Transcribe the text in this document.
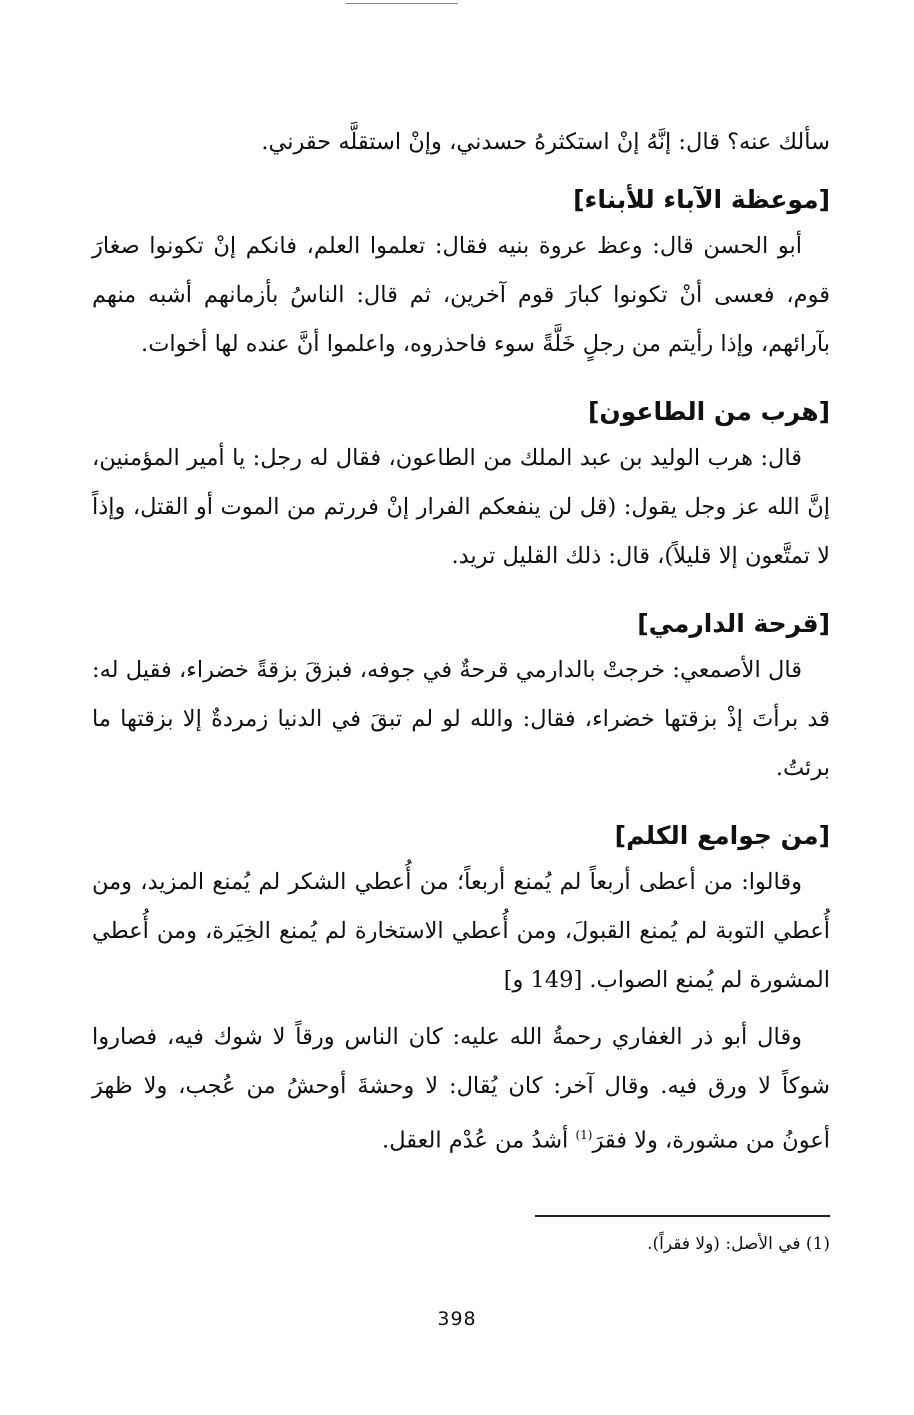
سألك عنه؟ قال: إنَّهُ إنْ استكثرهُ حسدني، وإنْ استقلَّه حقرني.

[موعظة الآباء للأبناء]

أبو الحسن قال: وعظ عروة بنيه فقال: تعلموا العلم، فانكم إنْ تكونوا صغارَ قوم، فعسى أنْ تكونوا كبارَ قوم آخرين، ثم قال: الناسُ بأزمانهم أشبه منهم بآرائهم، وإذا رأيتم من رجلٍ خَلَّةً سوء فاحذروه، واعلموا أنَّ عنده لها أخوات.

[هرب من الطاعون]

قال: هرب الوليد بن عبد الملك من الطاعون، فقال له رجل: يا أمير المؤمنين، إنَّ الله عز وجل يقول: (قل لن ينفعكم الفرار إنْ فررتم من الموت أو القتل، وإذاً لا تمتَّعون إلا قليلاً)، قال: ذلك القليل تريد.

[قرحة الدارمي]

قال الأصمعي: خرجتْ بالدارمي قرحةٌ في جوفه، فبزقَ بزقةً خضراء، فقيل له: قد برأتَ إذْ بزقتها خضراء، فقال: والله لو لم تبقَ في الدنيا زمردةٌ إلا بزقتها ما برئتُ.

[من جوامع الكلم]

وقالوا: من أعطى أربعاً لم يُمنع أربعاً؛ من أُعطي الشكر لم يُمنع المزيد، ومن أُعطي التوبة لم يُمنع القبولَ، ومن أُعطي الاستخارة لم يُمنع الخِيَرة، ومن أُعطي المشورة لم يُمنع الصواب. [149 و]

وقال أبو ذر الغفاري رحمةُ الله عليه: كان الناس ورقاً لا شوك فيه، فصاروا شوكاً لا ورق فيه. وقال آخر: كان يُقال: لا وحشةَ أوحشُ من عُجب، ولا ظهرَ أعونُ من مشورة، ولا فقرَ$^{(1)}$ أشدُ من عُدْم العقل.

(1) في الأصل: (ولا فقراً).
398
